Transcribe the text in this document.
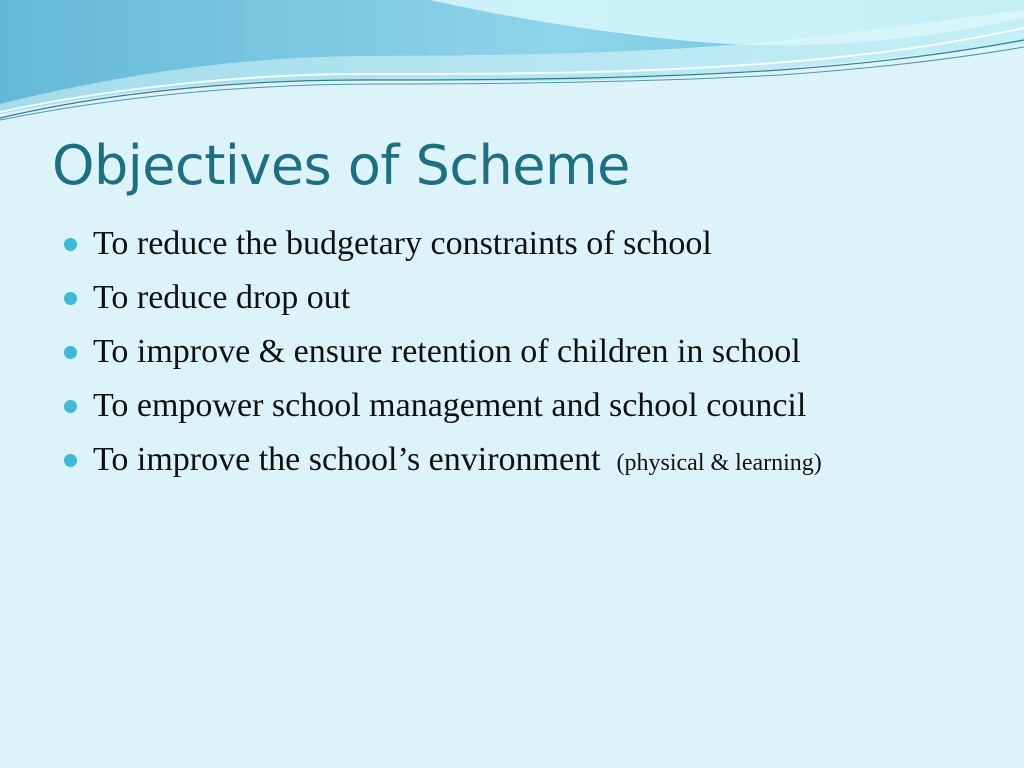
Objectives of Scheme
To reduce the budgetary constraints of school
To reduce drop out
To improve & ensure retention of children in school
To empower school management and school council
To improve the school’s environment (physical & learning)
